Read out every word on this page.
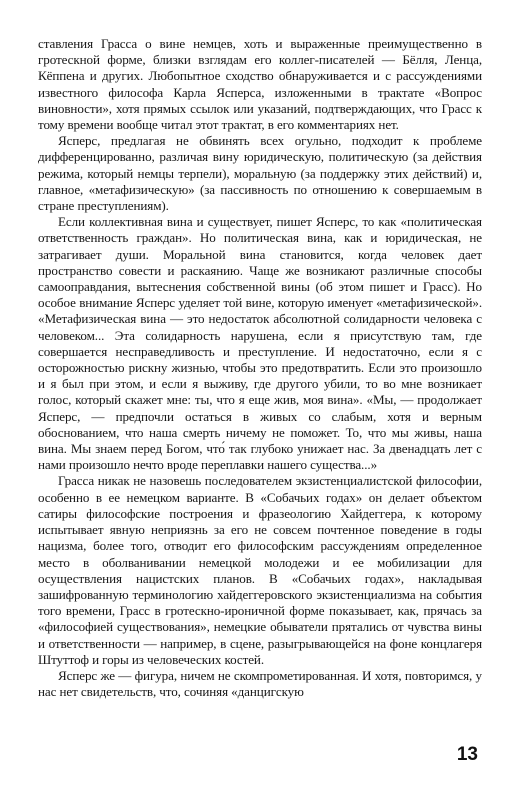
ставления Грасса о вине немцев, хоть и выраженные преимущественно в гротескной форме, близки взглядам его коллег-писателей — Бёлля, Ленца, Кёппена и других. Любопытное сходство обнаруживается и с рассуждениями известного философа Карла Ясперса, изложенными в трактате «Вопрос виновности», хотя прямых ссылок или указаний, подтверждающих, что Грасс к тому времени вообще читал этот трактат, в его комментариях нет.

Ясперс, предлагая не обвинять всех огульно, подходит к проблеме дифференцированно, различая вину юридическую, политическую (за действия режима, который немцы терпели), моральную (за поддержку этих действий) и, главное, «метафизическую» (за пассивность по отношению к совершаемым в стране преступлениям).

Если коллективная вина и существует, пишет Ясперс, то как «политическая ответственность граждан». Но политическая вина, как и юридическая, не затрагивает души. Моральной вина становится, когда человек дает пространство совести и раскаянию. Чаще же возникают различные способы самооправдания, вытеснения собственной вины (об этом пишет и Грасс). Но особое внимание Ясперс уделяет той вине, которую именует «метафизической». «Метафизическая вина — это недостаток абсолютной солидарности человека с человеком... Эта солидарность нарушена, если я присутствую там, где совершается несправедливость и преступление. И недостаточно, если я с осторожностью рискну жизнью, чтобы это предотвратить. Если это произошло и я был при этом, и если я выживу, где другого убили, то во мне возникает голос, который скажет мне: ты, что я еще жив, моя вина». «Мы, — продолжает Ясперс, — предпочли остаться в живых со слабым, хотя и верным обоснованием, что наша смерть ничему не поможет. То, что мы живы, наша вина. Мы знаем перед Богом, что́ так глубоко унижает нас. За двенадцать лет с нами произошло нечто вроде переплавки нашего существа...»

Грасса никак не назовешь последователем экзистенциалистской философии, особенно в ее немецком варианте. В «Собачьих годах» он делает объектом сатиры философские построения и фразеологию Хайдеггера, к которому испытывает явную неприязнь за его не совсем почтенное поведение в годы нацизма, более того, отводит его философским рассуждениям определенное место в оболванивании немецкой молодежи и ее мобилизации для осуществления нацистских планов. В «Собачьих годах», накладывая зашифрованную терминологию хайдеггеровского экзистенциализма на события того времени, Грасс в гротескно-ироничной форме показывает, как, прячась за «философией существования», немецкие обыватели прятались от чувства вины и ответственности — например, в сцене, разыгрывающейся на фоне концлагеря Штуттоф и горы из человеческих костей.

Ясперс же — фигура, ничем не скомпрометированная. И хотя, повторимся, у нас нет свидетельств, что, сочиняя «данцигскую

13
